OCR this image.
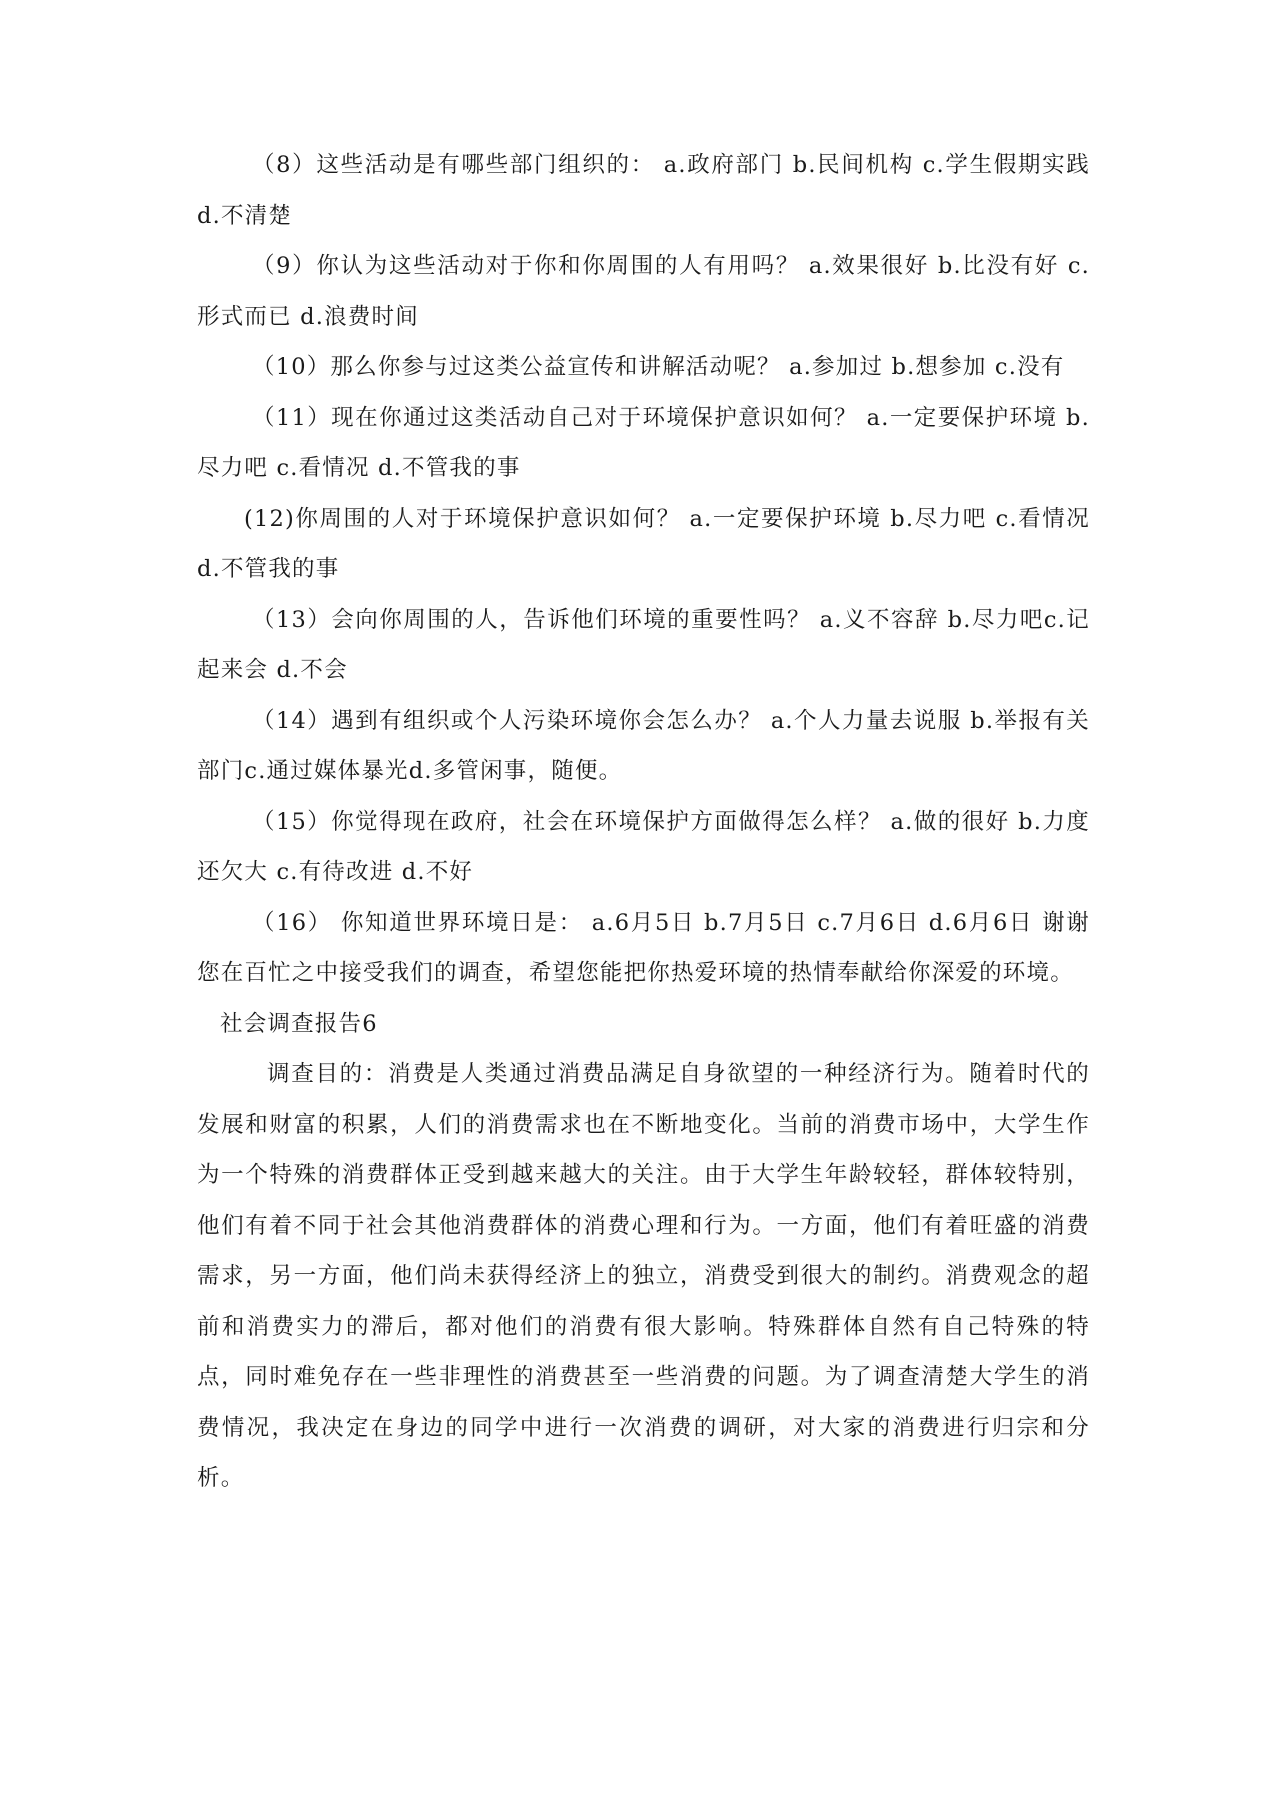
（8）这些活动是有哪些部门组织的： a.政府部门 b.民间机构 c.学生假期实践 d.不清楚

（9）你认为这些活动对于你和你周围的人有用吗？ a.效果很好 b.比没有好 c.形式而已 d.浪费时间

（10）那么你参与过这类公益宣传和讲解活动呢？ a.参加过 b.想参加 c.没有

（11）现在你通过这类活动自己对于环境保护意识如何？ a.一定要保护环境 b.尽力吧 c.看情况 d.不管我的事

(12)你周围的人对于环境保护意识如何？ a.一定要保护环境 b.尽力吧 c.看情况 d.不管我的事

（13）会向你周围的人，告诉他们环境的重要性吗？ a.义不容辞 b.尽力吧c.记起来会 d.不会

（14）遇到有组织或个人污染环境你会怎么办？ a.个人力量去说服 b.举报有关部门c.通过媒体暴光d.多管闲事，随便。

（15）你觉得现在政府，社会在环境保护方面做得怎么样？ a.做的很好 b.力度还欠大 c.有待改进 d.不好

（16） 你知道世界环境日是： a.6月5日 b.7月5日 c.7月6日 d.6月6日 谢谢您在百忙之中接受我们的调查，希望您能把你热爱环境的热情奉献给你深爱的环境。

社会调查报告6

调查目的：消费是人类通过消费品满足自身欲望的一种经济行为。随着时代的发展和财富的积累，人们的消费需求也在不断地变化。当前的消费市场中，大学生作为一个特殊的消费群体正受到越来越大的关注。由于大学生年龄较轻，群体较特别，他们有着不同于社会其他消费群体的消费心理和行为。一方面，他们有着旺盛的消费需求，另一方面，他们尚未获得经济上的独立，消费受到很大的制约。消费观念的超前和消费实力的滞后，都对他们的消费有很大影响。特殊群体自然有自己特殊的特点，同时难免存在一些非理性的消费甚至一些消费的问题。为了调查清楚大学生的消费情况，我决定在身边的同学中进行一次消费的调研，对大家的消费进行归宗和分析。
